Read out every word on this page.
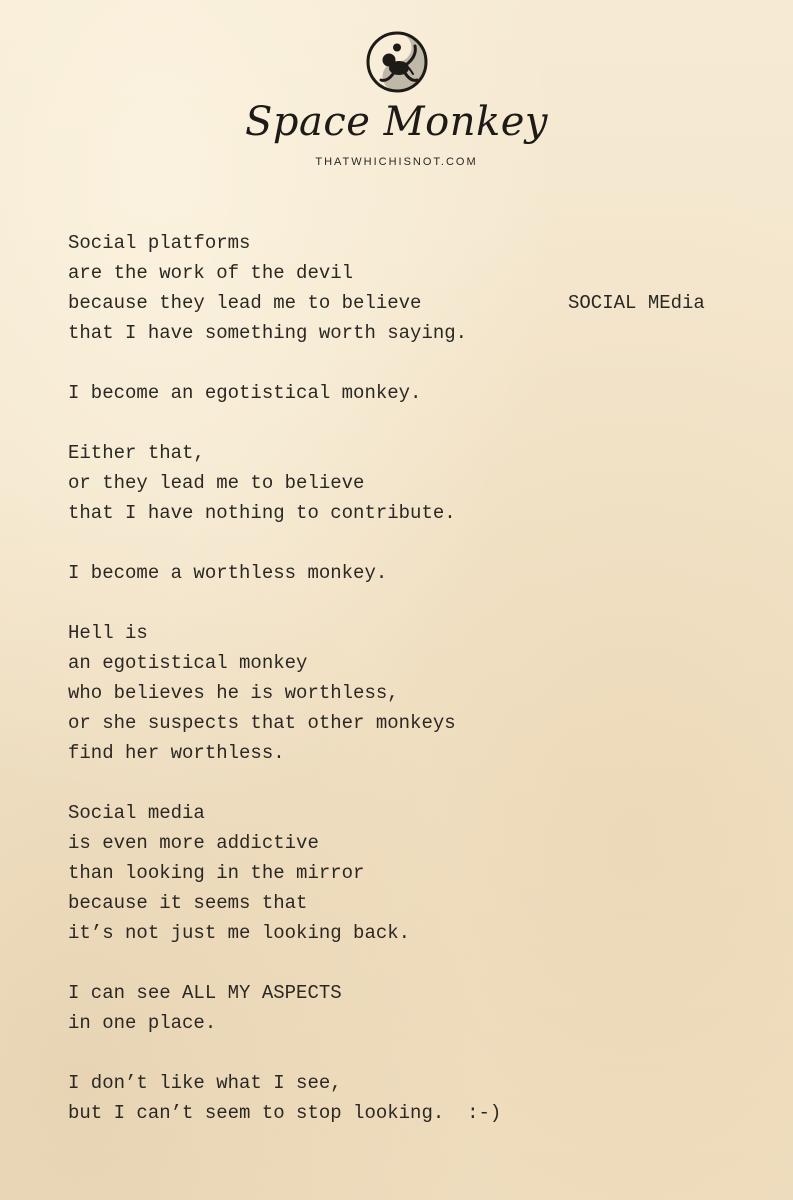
Space Monkey
THATWHICHISNOT.COM
SOCIAL MEdia
Social platforms
are the work of the devil
because they lead me to believe
that I have something worth saying.
I become an egotistical monkey.
Either that,
or they lead me to believe
that I have nothing to contribute.
I become a worthless monkey.
Hell is
an egotistical monkey
who believes he is worthless,
or she suspects that other monkeys
find her worthless.
Social media
is even more addictive
than looking in the mirror
because it seems that
it’s not just me looking back.
I can see ALL MY ASPECTS
in one place.
I don’t like what I see,
but I can’t seem to stop looking.  :-)
